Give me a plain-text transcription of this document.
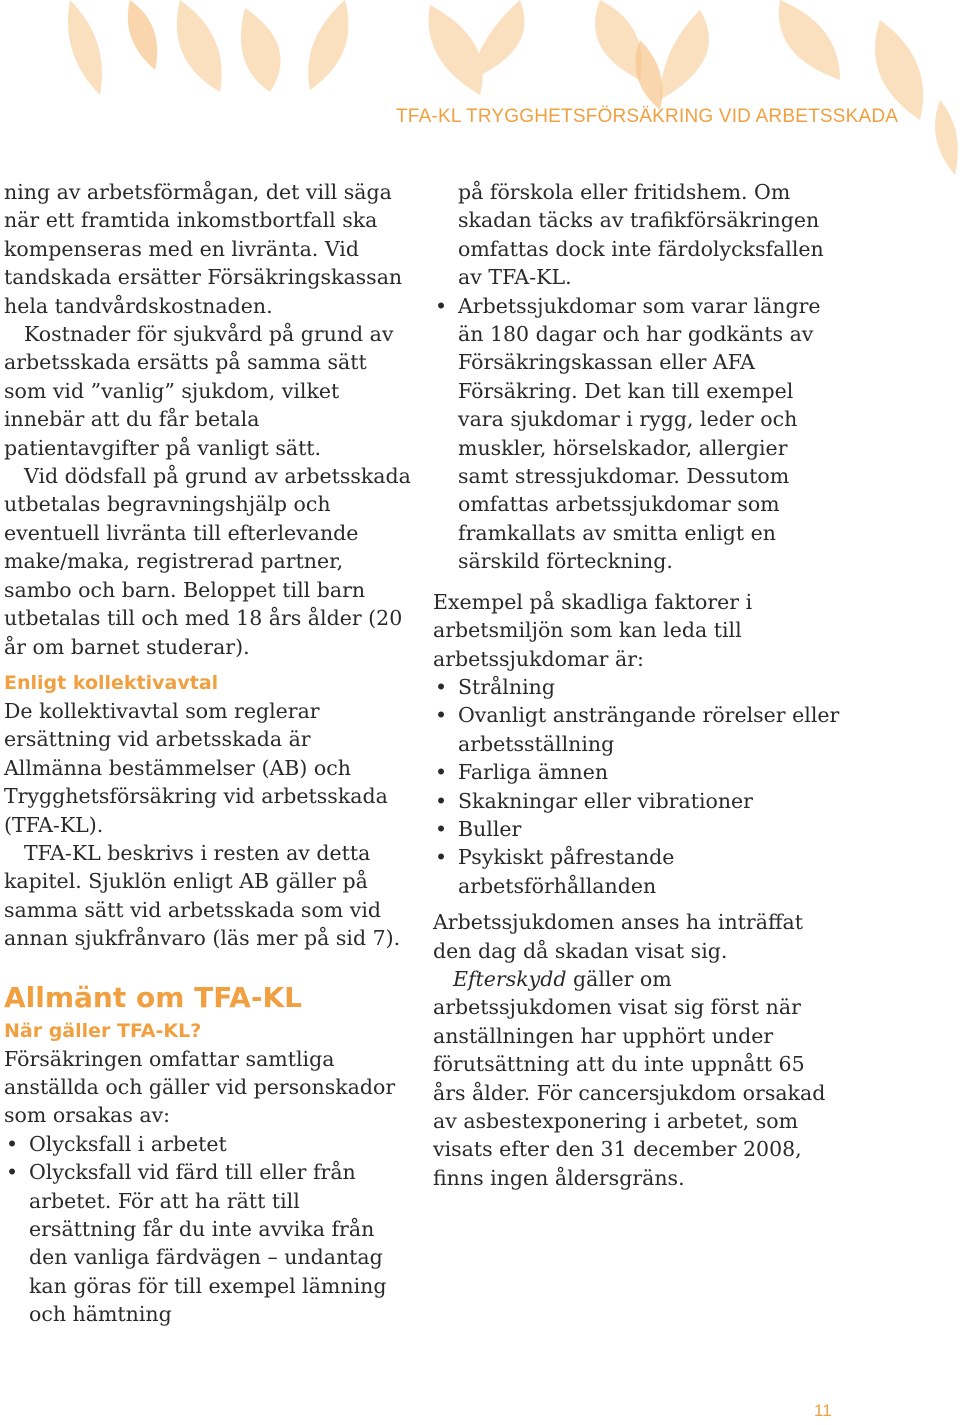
TFA-KL TRYGGHETSFÖRSÄKRING VID ARBETSSKADA

ning av arbetsförmågan, det vill säga när ett framtida inkomstbortfall ska kompenseras med en livränta. Vid tandskada ersätter Försäkringskassan hela tandvårdskostnaden.

Kostnader för sjukvård på grund av arbetsskada ersätts på samma sätt som vid ”vanlig” sjukdom, vilket innebär att du får betala patientavgifter på vanligt sätt.

Vid dödsfall på grund av arbetsskada utbetalas begravningshjälp och eventuell livränta till efterlevande make/maka, registrerad partner, sambo och barn. Beloppet till barn utbetalas till och med 18 års ålder (20 år om barnet studerar).

Enligt kollektivavtal

De kollektivavtal som reglerar ersättning vid arbetsskada är Allmänna bestämmelser (AB) och Trygghetsförsäkring vid arbetsskada (TFA-KL).

TFA-KL beskrivs i resten av detta kapitel. Sjuklön enligt AB gäller på samma sätt vid arbetsskada som vid annan sjukfrånvaro (läs mer på sid 7).

Allmänt om TFA-KL
När gäller TFA-KL?

Försäkringen omfattar samtliga anställda och gäller vid personskador som orsakas av:

• Olycksfall i arbetet
• Olycksfall vid färd till eller från arbetet. För att ha rätt till ersättning får du inte avvika från den vanliga färdvägen – undantag kan göras för till exempel lämning och hämtning
på förskola eller fritidshem. Om skadan täcks av trafikförsäkringen omfattas dock inte färdolycksfallen av TFA-KL.
• Arbetssjukdomar som varar längre än 180 dagar och har godkänts av Försäkringskassan eller AFA Försäkring. Det kan till exempel vara sjukdomar i rygg, leder och muskler, hörselskador, allergier samt stressjukdomar. Dessutom omfattas arbetssjukdomar som framkallats av smitta enligt en särskild förteckning.

Exempel på skadliga faktorer i arbetsmiljön som kan leda till arbetssjukdomar är:

• Strålning
• Ovanligt ansträngande rörelser eller arbetsställning
• Farliga ämnen
• Skakningar eller vibrationer
• Buller
• Psykiskt påfrestande arbetsförhållanden

Arbetssjukdomen anses ha inträffat den dag då skadan visat sig.

Efterskydd gäller om arbetssjukdomen visat sig först när anställningen har upphört under förutsättning att du inte uppnått 65 års ålder. För cancersjukdom orsakad av asbestexponering i arbetet, som visats efter den 31 december 2008, finns ingen åldersgräns.

11
